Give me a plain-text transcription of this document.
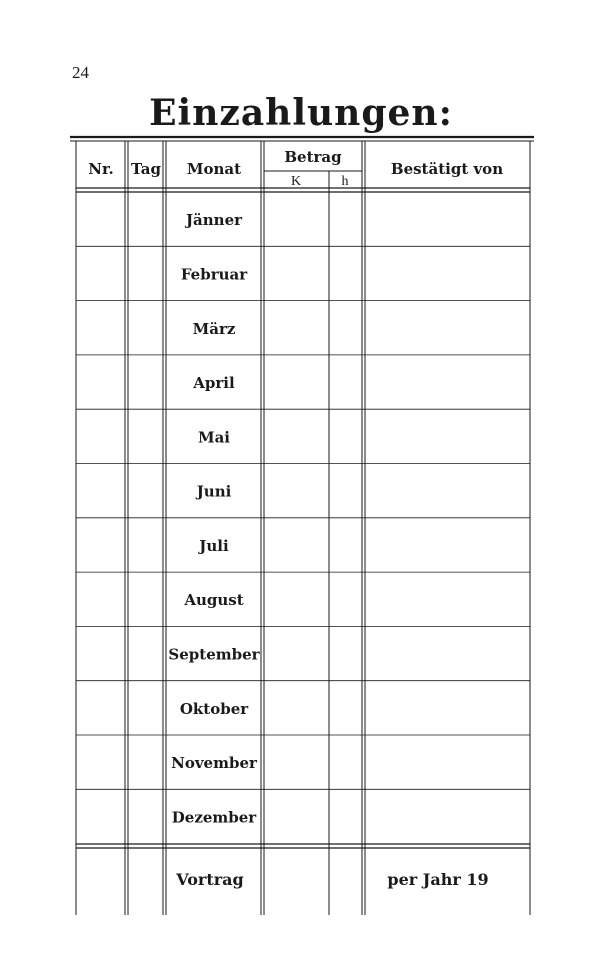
24
Einzahlungen:
Nr. Tag Monat
Betrag
K	h
Bestätigt von
Jänner
Februar
März
April
Mai
Juni
Juli
August
September
Oktober
November
Dezember
Vortrag	per Jahr 19
